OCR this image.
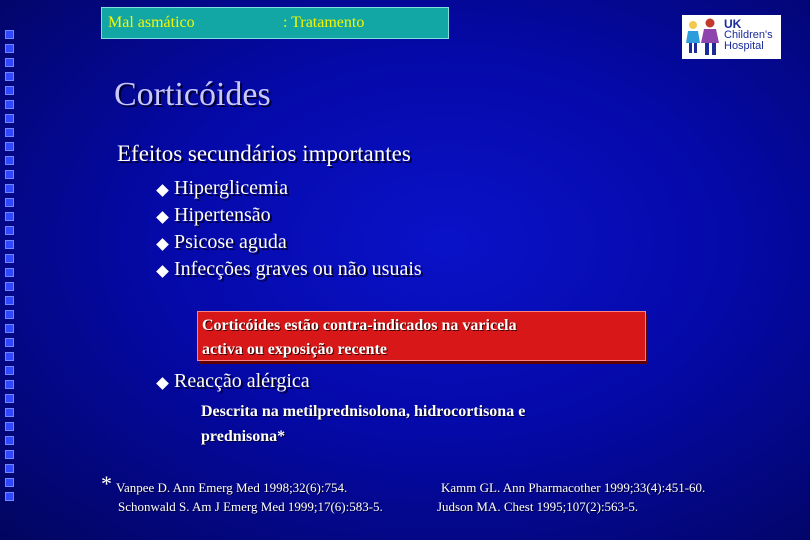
Mal asmático	: Tratamento	UK
Children's
Hospital
Corticóides
Efeitos secundários importantes
Hiperglicemia
Hipertensão
Psicose aguda
Infecções graves ou não usuais
Corticóides estão contra-indicados na varicela
activa ou exposição recente
Reacção alérgica
Descrita na metilprednisolona, hidrocortisona e
prednisona*
* Vanpee D. Ann Emerg Med 1998;32(6):754.
Schonwald S. Am J Emerg Med 1999;17(6):583-5.
Kamm GL. Ann Pharmacother 1999;33(4):451-60.
Judson MA. Chest 1995;107(2):563-5.
